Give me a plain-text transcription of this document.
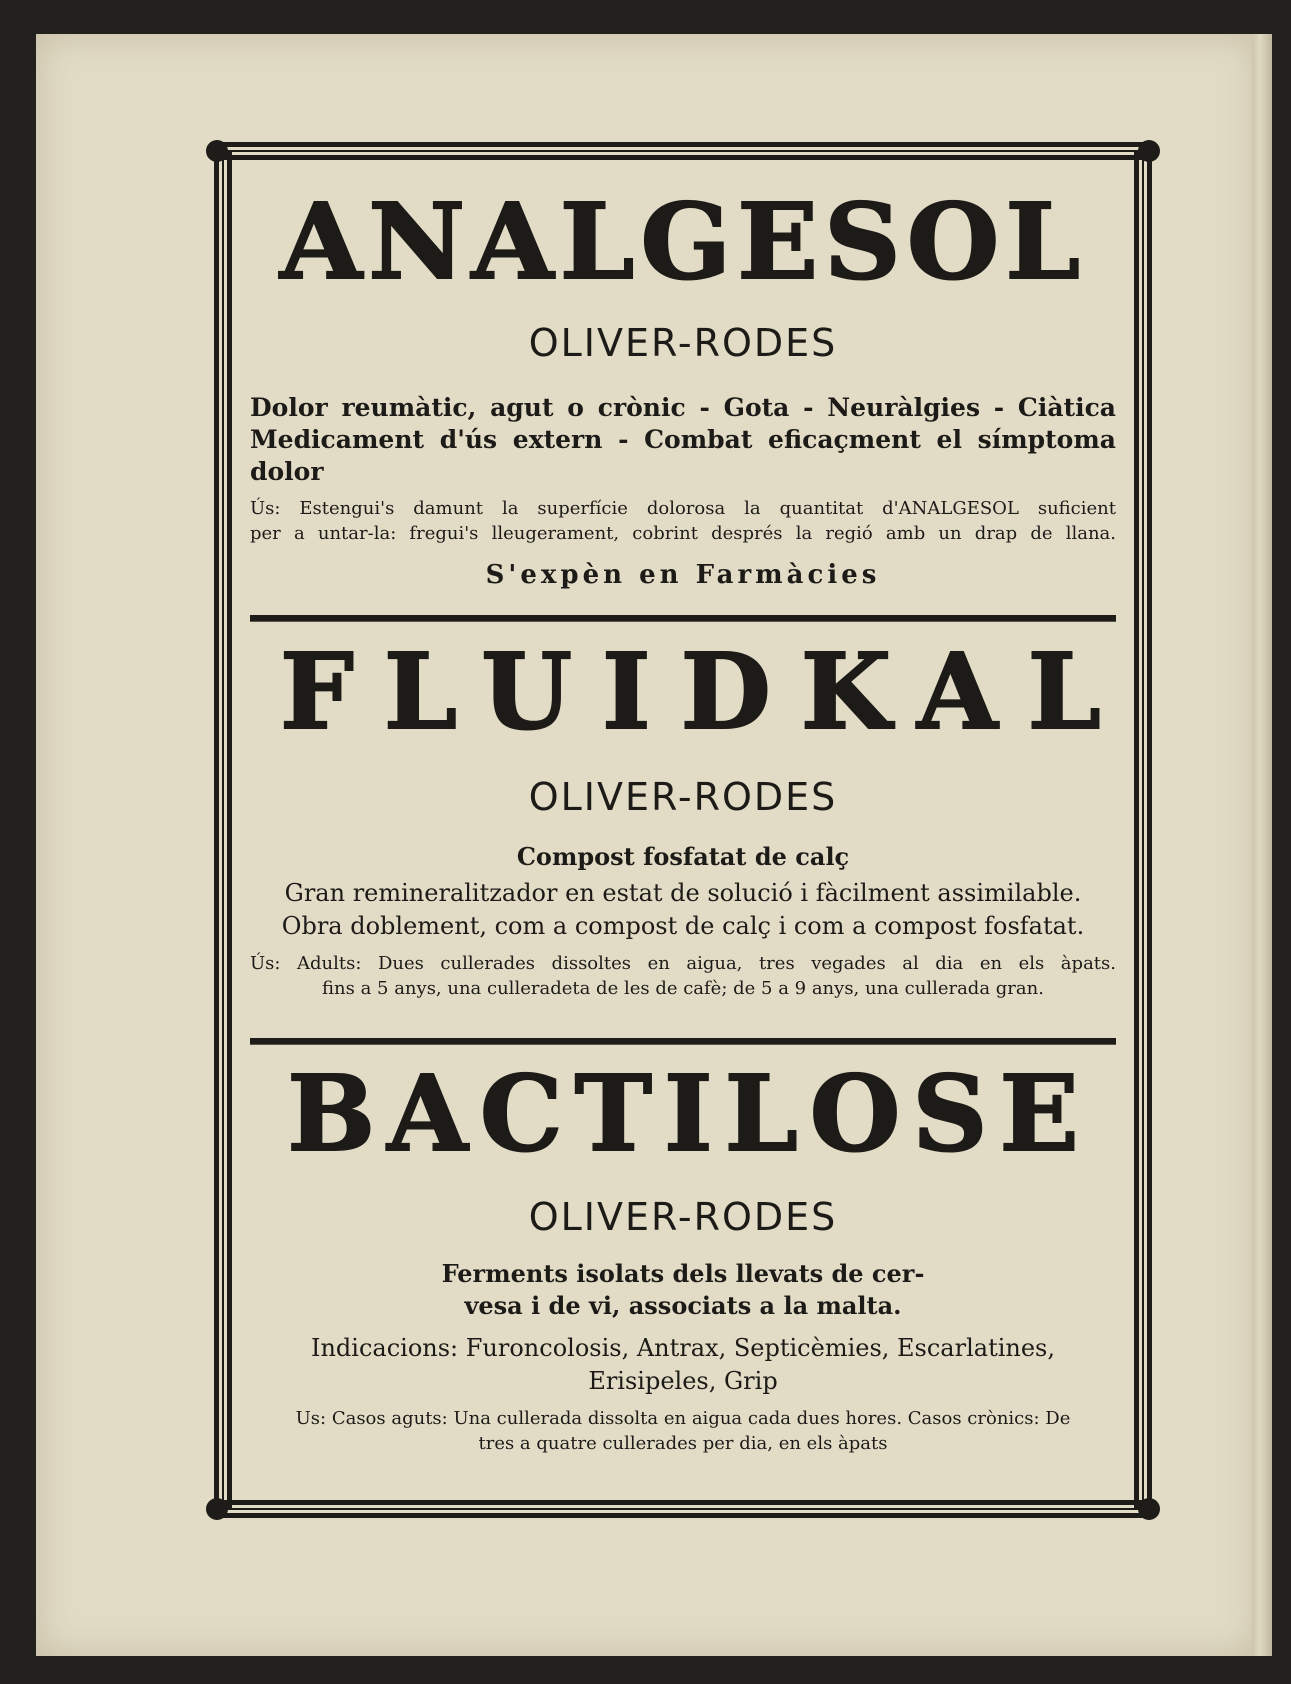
ANALGESOL
OLIVER-RODES
Dolor reumàtic, agut o crònic - Gota - Neuràlgies - Ciàtica
Medicament d'ús extern - Combat eficaçment el símptoma dolor
Ús: Estengui's damunt la superfície dolorosa la quantitat d'ANALGESOL suficient
per a untar-la: fregui's lleugerament, cobrint després la regió amb un drap de llana.
S'expèn en Farmàcies
FLUIDKAL
OLIVER-RODES
Compost fosfatat de calç
Gran remineralitzador en estat de solució i fàcilment assimilable.
Obra doblement, com a compost de calç i com a compost fosfatat.
Ús: Adults: Dues cullerades dissoltes en aigua, tres vegades al dia en els àpats.
fins a 5 anys, una culleradeta de les de cafè; de 5 a 9 anys, una cullerada gran.
BACTILOSE
OLIVER-RODES
Ferments isolats dels llevats de cer-
vesa i de vi, associats a la malta.
Indicacions: Furoncolosis, Antrax, Septicèmies, Escarlatines,
Erisipeles, Grip
Us: Casos aguts: Una cullerada dissolta en aigua cada dues hores. Casos crònics: De
tres a quatre cullerades per dia, en els àpats
